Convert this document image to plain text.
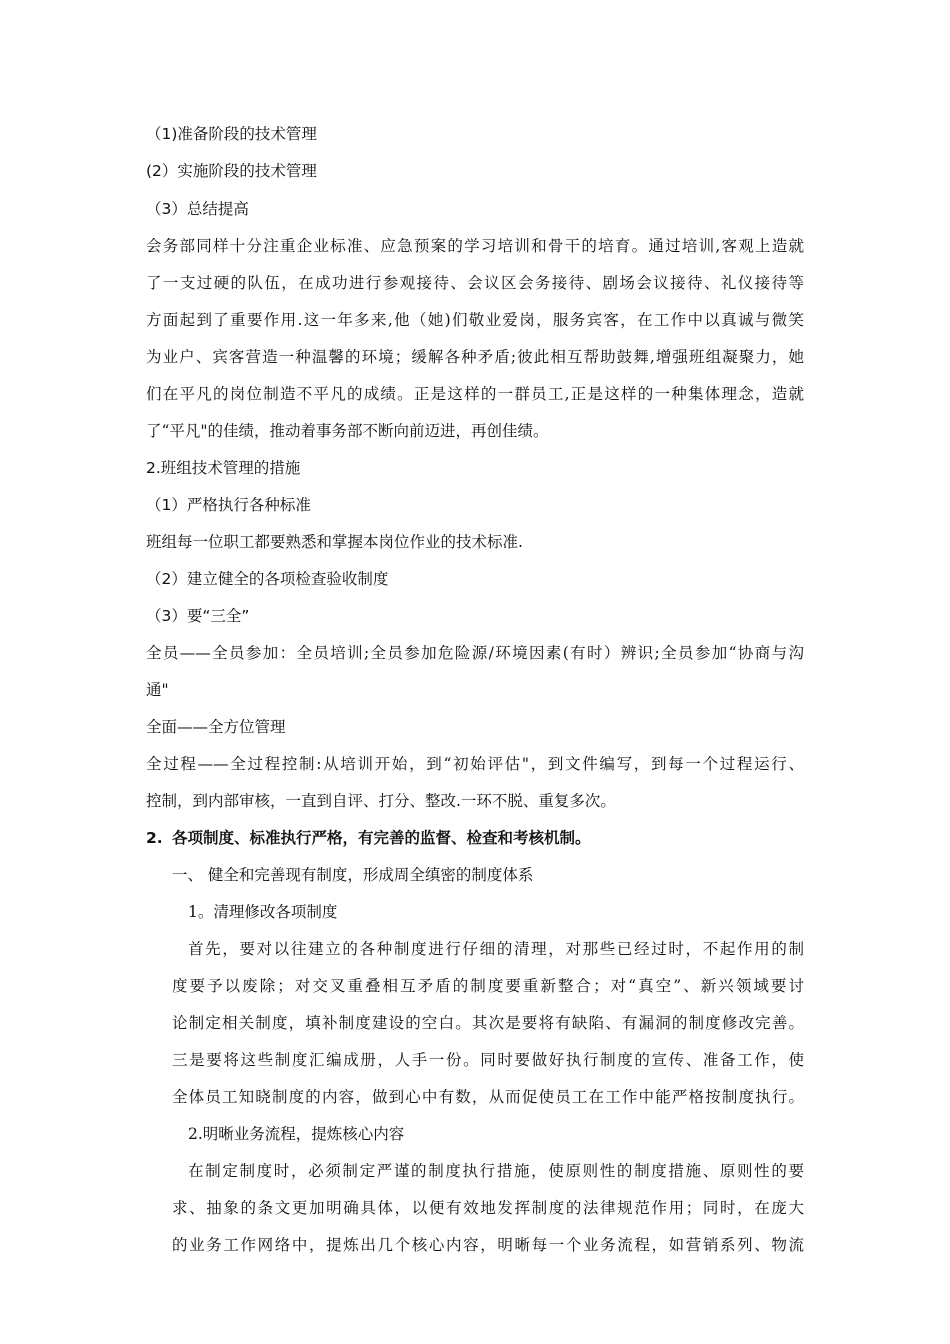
（1)准备阶段的技术管理
(2）实施阶段的技术管理
（3）总结提高
会务部同样十分注重企业标准、应急预案的学习培训和骨干的培育。通过培训,客观上造就
了一支过硬的队伍，在成功进行参观接待、会议区会务接待、剧场会议接待、礼仪接待等
方面起到了重要作用.这一年多来,他（她)们敬业爱岗，服务宾客，在工作中以真诚与微笑
为业户、宾客营造一种温馨的环境；缓解各种矛盾;彼此相互帮助鼓舞,增强班组凝聚力，她
们在平凡的岗位制造不平凡的成绩。正是这样的一群员工,正是这样的一种集体理念，造就
了“平凡"的佳绩，推动着事务部不断向前迈进，再创佳绩。
2.班组技术管理的措施
（1）严格执行各种标准
班组每一位职工都要熟悉和掌握本岗位作业的技术标准.
（2）建立健全的各项检查验收制度
（3）要“三全”
全员——全员参加：全员培训;全员参加危险源/环境因素(有时）辨识;全员参加“协商与沟
通"
全面——全方位管理
全过程——全过程控制:从培训开始，到“初始评估"，到文件编写，到每一个过程运行、
控制，到内部审核，一直到自评、打分、整改.一环不脱、重复多次。
2. 各项制度、标准执行严格，有完善的监督、检查和考核机制。
一、 健全和完善现有制度，形成周全缜密的制度体系
1。清理修改各项制度
首先，要对以往建立的各种制度进行仔细的清理，对那些已经过时，不起作用的制
度要予以废除；对交叉重叠相互矛盾的制度要重新整合；对“真空”、新兴领域要讨
论制定相关制度，填补制度建设的空白。其次是要将有缺陷、有漏洞的制度修改完善。
三是要将这些制度汇编成册，人手一份。同时要做好执行制度的宣传、准备工作，使
全体员工知晓制度的内容，做到心中有数，从而促使员工在工作中能严格按制度执行。
2.明晰业务流程，提炼核心内容
在制定制度时，必须制定严谨的制度执行措施，使原则性的制度措施、原则性的要
求、抽象的条文更加明确具体，以便有效地发挥制度的法律规范作用；同时，在庞大
的业务工作网络中，提炼出几个核心内容，明晰每一个业务流程，如营销系列、物流
